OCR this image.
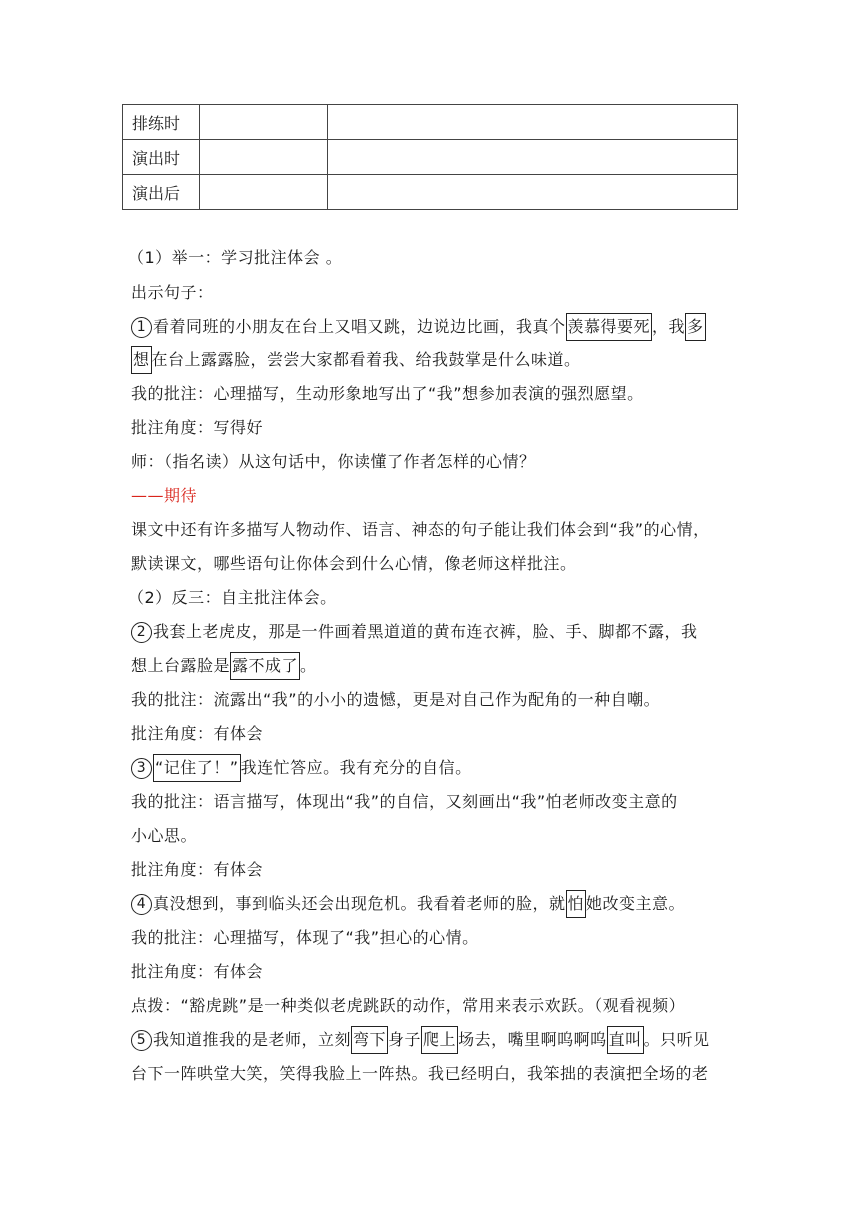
排练时		
演出时		
演出后		
（1）举一：学习批注体会 。
出示句子：
1 看着同班的小朋友在台上又唱又跳，边说边比画，我真个 羡慕得要死 ，我 多
想 在台上露露脸，尝尝大家都看着我、给我鼓掌是什么味道。
我的批注：心理描写，生动形象地写出了“我”想参加表演的强烈愿望。
批注角度：写得好
师：（指名读）从这句话中，你读懂了作者怎样的心情？
——期待
课文中还有许多描写人物动作、语言、神态的句子能让我们体会到“我”的心情，
默读课文，哪些语句让你体会到什么心情，像老师这样批注。
（2）反三：自主批注体会。
2 我套上老虎皮，那是一件画着黑道道的黄布连衣裤，脸、手、脚都不露，我
想上台露脸是 露不成了 。
我的批注：流露出“我”的小小的遗憾，更是对自己作为配角的一种自嘲。
批注角度：有体会
3 “记住了！” 我连忙答应。我有充分的自信。
我的批注：语言描写，体现出“我”的自信，又刻画出“我”怕老师改变主意的
小心思。
批注角度：有体会
4 真没想到，事到临头还会出现危机。我看着老师的脸，就 怕 她改变主意。
我的批注：心理描写，体现了“我”担心的心情。
批注角度：有体会
点拨：“豁虎跳”是一种类似老虎跳跃的动作，常用来表示欢跃。（观看视频）
5 我知道推我的是老师，立刻 弯下 身子 爬上 场去，嘴里啊呜啊呜 直叫 。只听见
台下一阵哄堂大笑，笑得我脸上一阵热。我已经明白，我笨拙的表演把全场的老
